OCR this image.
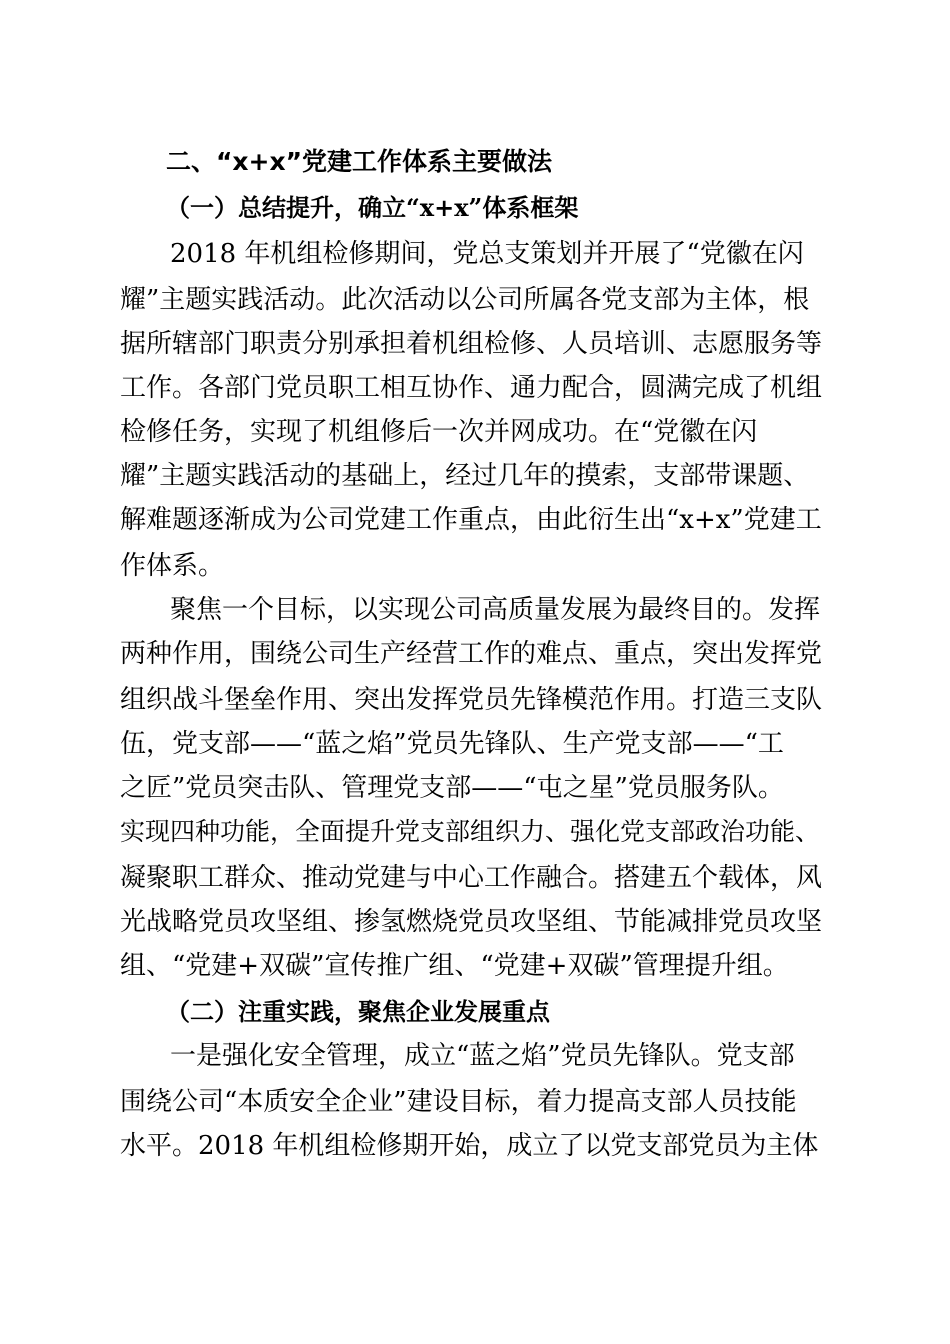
二、“x+x”党建工作体系主要做法
（一）总结提升，确立“x+x”体系框架
2018 年机组检修期间，党总支策划并开展了“党徽在闪
耀”主题实践活动。此次活动以公司所属各党支部为主体，根
据所辖部门职责分别承担着机组检修、人员培训、志愿服务等
工作。各部门党员职工相互协作、通力配合，圆满完成了机组
检修任务，实现了机组修后一次并网成功。在“党徽在闪
耀”主题实践活动的基础上，经过几年的摸索，支部带课题、
解难题逐渐成为公司党建工作重点，由此衍生出“x+x”党建工
作体系。
聚焦一个目标，以实现公司高质量发展为最终目的。发挥
两种作用，围绕公司生产经营工作的难点、重点，突出发挥党
组织战斗堡垒作用、突出发挥党员先锋模范作用。打造三支队
伍，党支部——“蓝之焰”党员先锋队、生产党支部——“工
之匠”党员突击队、管理党支部——“屯之星”党员服务队。
实现四种功能，全面提升党支部组织力、强化党支部政治功能、
凝聚职工群众、推动党建与中心工作融合。搭建五个载体，风
光战略党员攻坚组、掺氢燃烧党员攻坚组、节能减排党员攻坚
组、“党建+双碳”宣传推广组、“党建+双碳”管理提升组。
（二）注重实践，聚焦企业发展重点
一是强化安全管理，成立“蓝之焰”党员先锋队。党支部
围绕公司“本质安全企业”建设目标，着力提高支部人员技能
水平。2018 年机组检修期开始，成立了以党支部党员为主体
